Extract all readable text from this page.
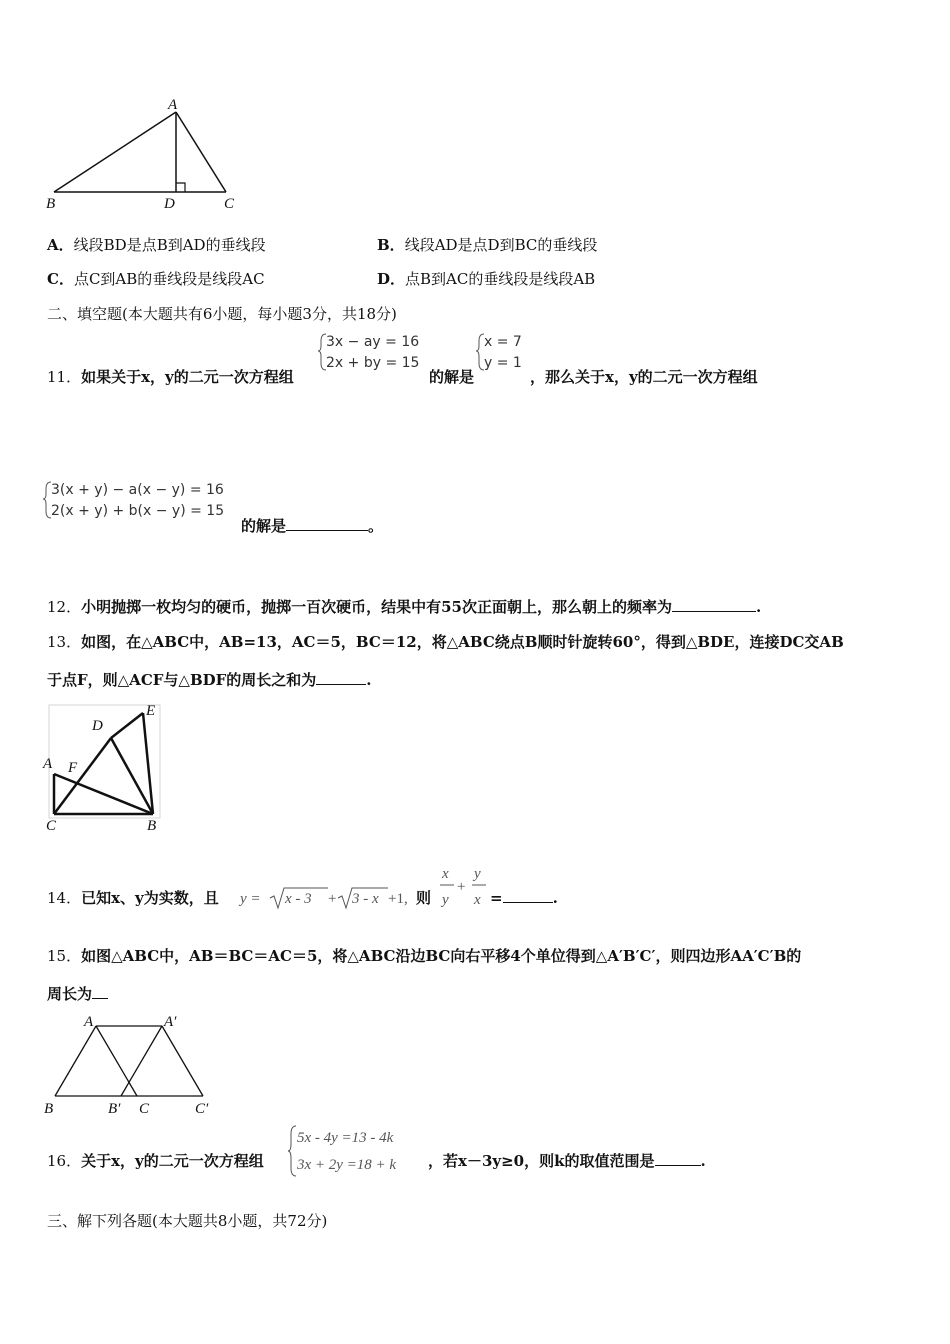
A
B	D	C
A．线段BD是点B到AD的垂线段	B．线段AD是点D到BC的垂线段
C．点C到AB的垂线段是线段AC	D．点B到AC的垂线段是线段AB
二、填空题(本大题共有6小题，每小题3分，共18分)
11．如果关于x，y的二元一次方程组
3x − ay = 16
2x + by = 15
的解是
x = 7
y = 1
，那么关于x，y的二元一次方程组
3(x + y) − a(x − y) = 16
2(x + y) + b(x − y) = 15
的解是	。
12．小明抛掷一枚均匀的硬币，抛掷一百次硬币，结果中有55次正面朝上，那么朝上的频率为	.
13．如图，在△ABC中，AB=13，AC＝5，BC＝12，将△ABC绕点B顺时针旋转60°，得到△BDE，连接DC交AB
于点F，则△ACF与△BDF的周长之和为	.
A F
D
E
C	B
14．已知x、y为实数，且 y = x - 3 + 3 - x +1, 则
x
y
+
y
x =	.
15．如图△ABC中，AB＝BC＝AC＝5，将△ABC沿边BC向右平移4个单位得到△A′B′C′，则四边形AA′C′B的
周长为
A	A′
B	B′ C	C′
16．关于x，y的二元一次方程组
5x - 4y =13 - 4k
3x + 2y =18 + k ，若x－3y≥0，则k的取值范围是	.
三、解下列各题(本大题共8小题，共72分)
